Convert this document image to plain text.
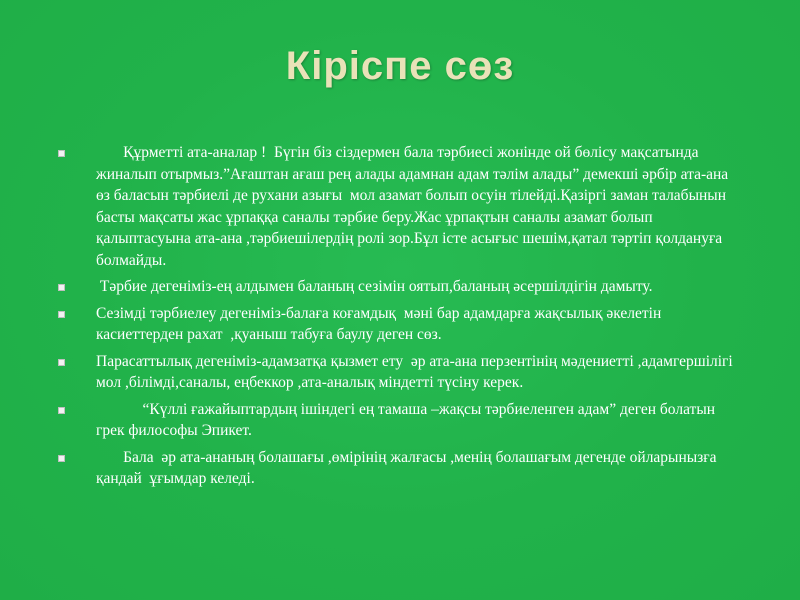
Кіріспе сөз
Құрметті ата-аналар !  Бүгін біз сіздермен бала тәрбиесі жонінде ой бөлісу мақсатында жиналып отырмыз.”Ағаштан ағаш рең алады адамнан адам тәлім алады” демекші әрбір ата-ана өз баласын тәрбиелі де рухани азығы  мол азамат болып осуін тілейді.Қазіргі заман талабынын басты мақсаты жас ұрпаққа саналы тәрбие беру.Жас ұрпақтын саналы азамат болып қалыптасуына ата-ана ,тәрбиешілердің ролі зор.Бұл істе асығыс шешім,қатал тәртіп қолдануға болмайды.
Тәрбие дегеніміз-ең алдымен баланың сезімін оятып,баланың әсершілдігін дамыту.
Сезімді тәрбиелеу дегеніміз-балаға коғамдық  мәні бар адамдарға жақсылық әкелетін касиеттерден рахат  ,қуаныш табуға баулу деген сөз.
Парасаттылық дегеніміз-адамзатқа қызмет ету  әр ата-ана перзентінің мәдениетті ,адамгершілігі мол ,білімді,саналы, еңбеккор ,ата-аналық міндетті түсіну керек.
“Күллі ғажайыптардың ішіндегі ең тамаша –жақсы тәрбиеленген адам” деген болатын грек философы Эпикет.
Бала  әр ата-ананың болашағы ,өмірінің жалғасы ,менің болашағым дегенде ойларынызға қандай  ұғымдар келеді.
